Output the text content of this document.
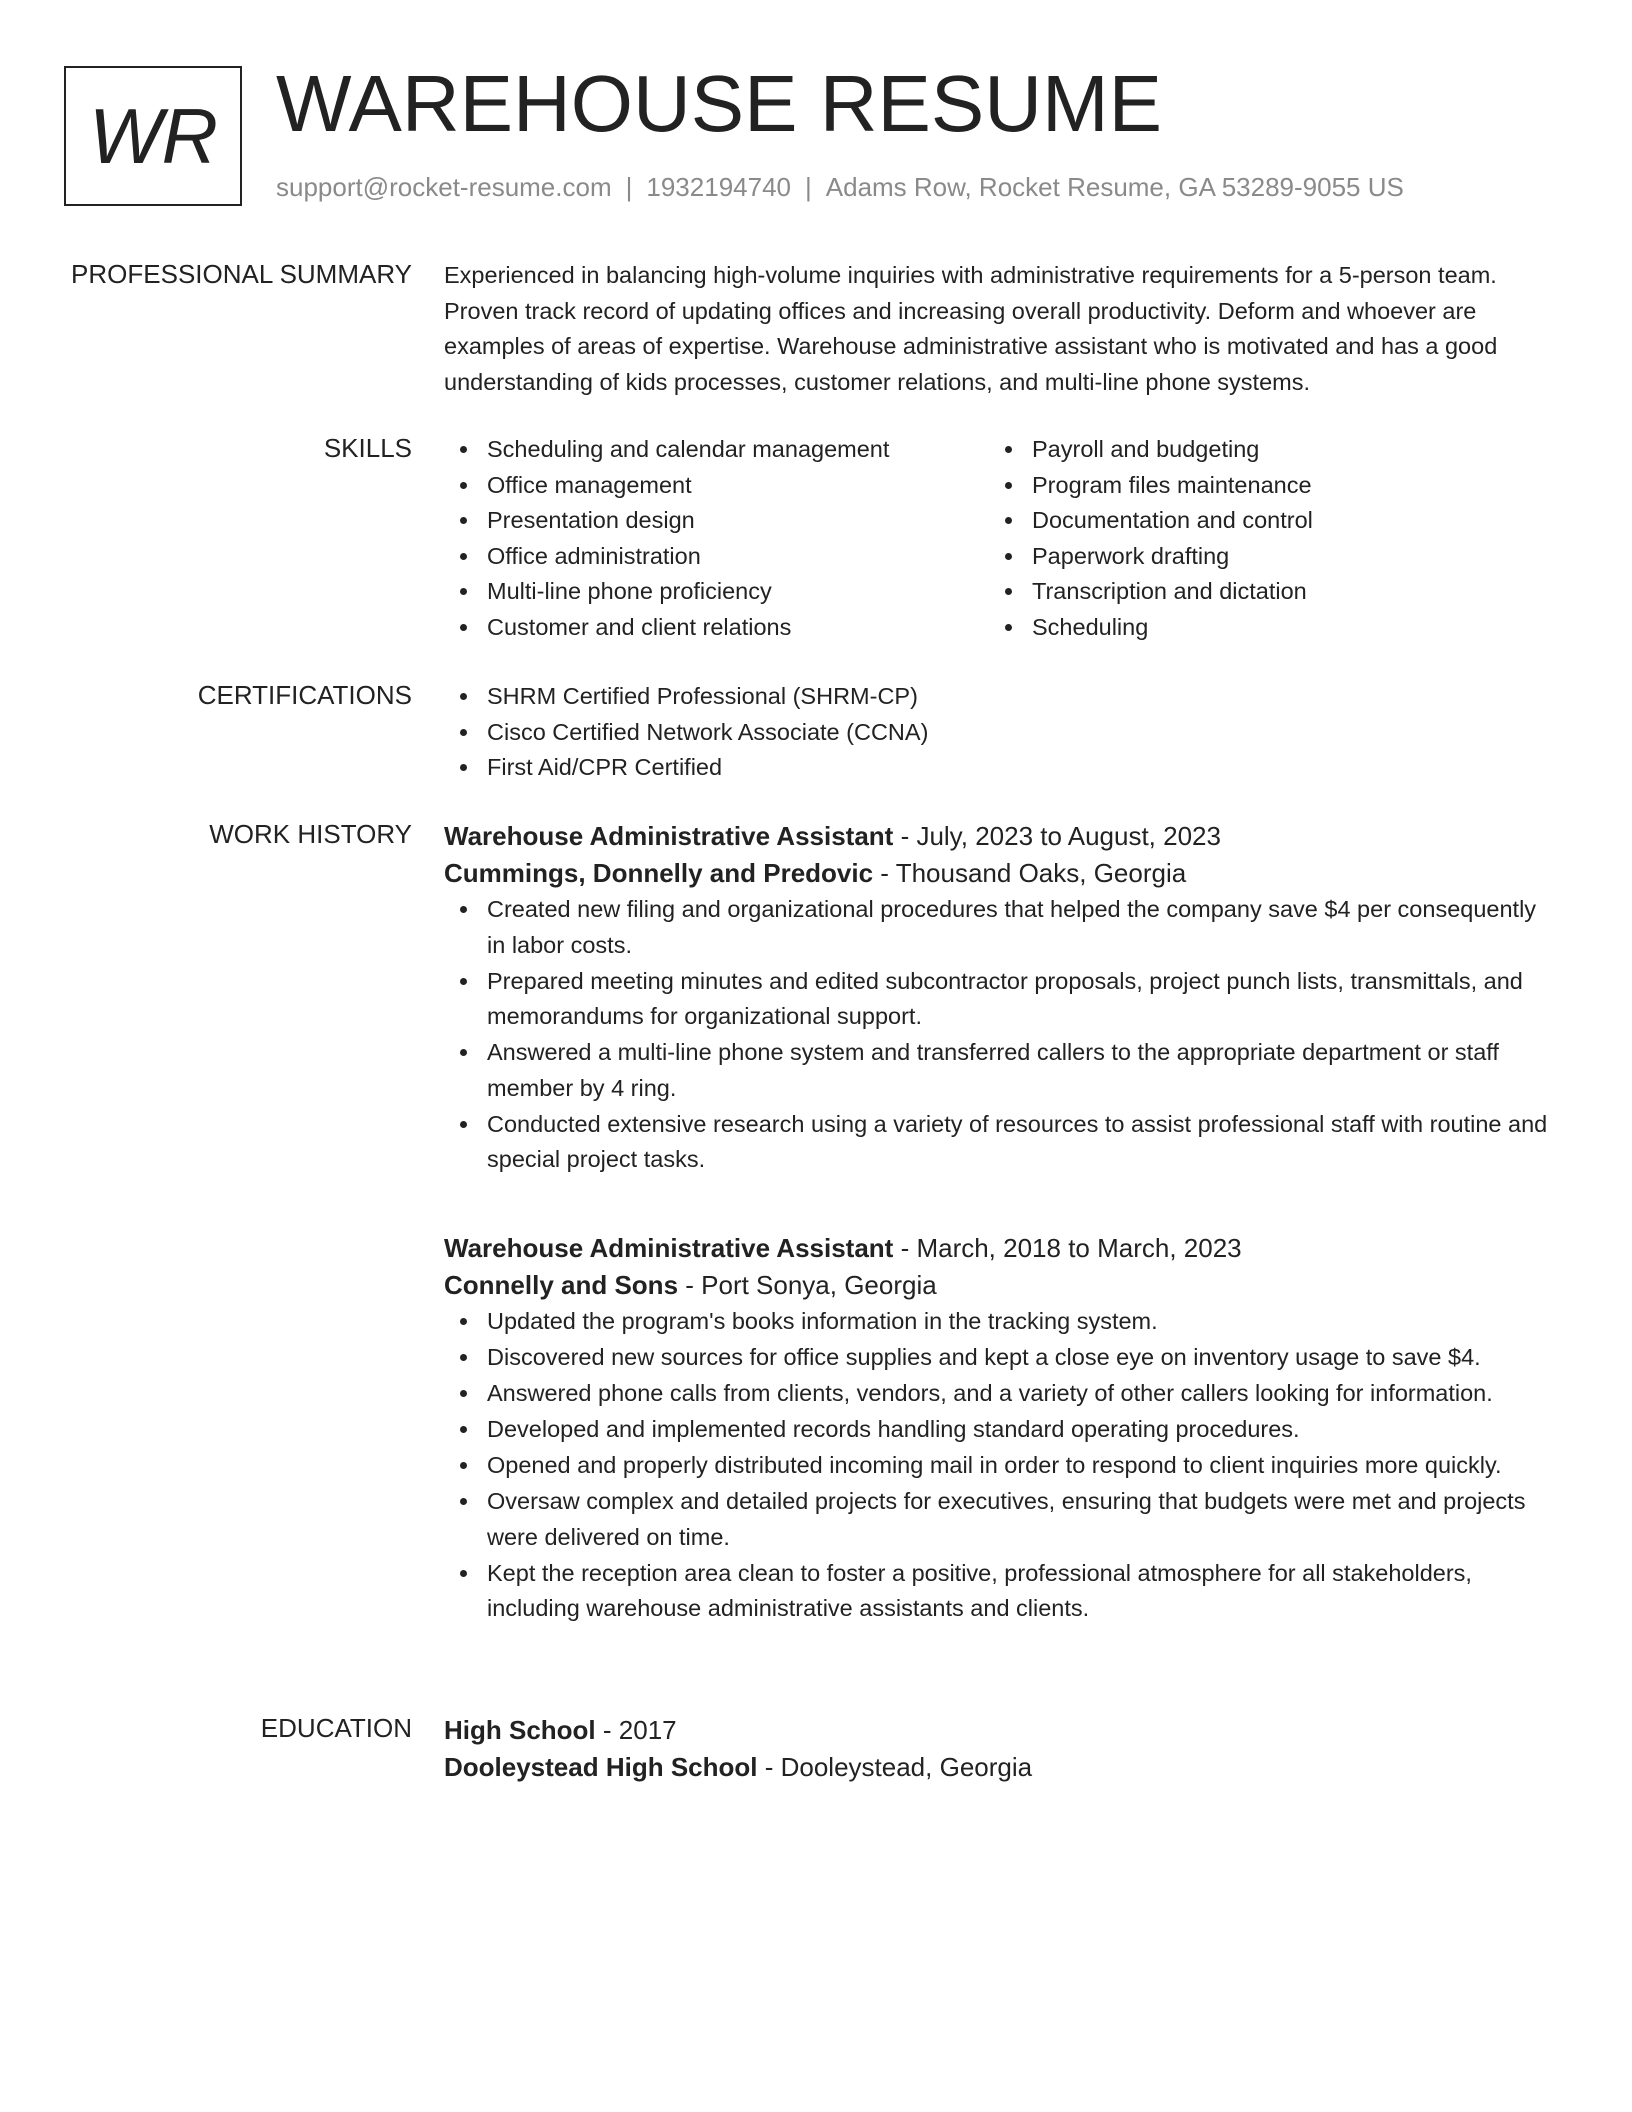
WR WAREHOUSE RESUME
support@rocket-resume.com | 1932194740 | Adams Row, Rocket Resume, GA 53289-9055 US
PROFESSIONAL SUMMARY Experienced in balancing high-volume inquiries with administrative requirements for a 5-person team. Proven track record of updating offices and increasing overall productivity. Deform and whoever are examples of areas of expertise. Warehouse administrative assistant who is motivated and has a good understanding of kids processes, customer relations, and multi-line phone systems.

SKILLS	Scheduling and calendar management
Office management
Presentation design
Office administration
Multi-line phone proficiency
Customer and client relations
Payroll and budgeting
Program files maintenance
Documentation and control
Paperwork drafting
Transcription and dictation
Scheduling
CERTIFICATIONS	SHRM Certified Professional (SHRM-CP)
Cisco Certified Network Associate (CCNA)
First Aid/CPR Certified
WORK HISTORY Warehouse Administrative Assistant - July, 2023 to August, 2023
Cummings, Donnelly and Predovic - Thousand Oaks, Georgia
Created new filing and organizational procedures that helped the company save $4 per consequently in labor costs.
Prepared meeting minutes and edited subcontractor proposals, project punch lists, transmittals, and memorandums for organizational support.
Answered a multi-line phone system and transferred callers to the appropriate department or staff member by 4 ring.
Conducted extensive research using a variety of resources to assist professional staff with routine and special project tasks.
Warehouse Administrative Assistant - March, 2018 to March, 2023
Connelly and Sons - Port Sonya, Georgia
Updated the program's books information in the tracking system.
Discovered new sources for office supplies and kept a close eye on inventory usage to save $4.
Answered phone calls from clients, vendors, and a variety of other callers looking for information.
Developed and implemented records handling standard operating procedures.
Opened and properly distributed incoming mail in order to respond to client inquiries more quickly.
Oversaw complex and detailed projects for executives, ensuring that budgets were met and projects were delivered on time.
Kept the reception area clean to foster a positive, professional atmosphere for all stakeholders, including warehouse administrative assistants and clients.
EDUCATION High School - 2017
Dooleystead High School - Dooleystead, Georgia
